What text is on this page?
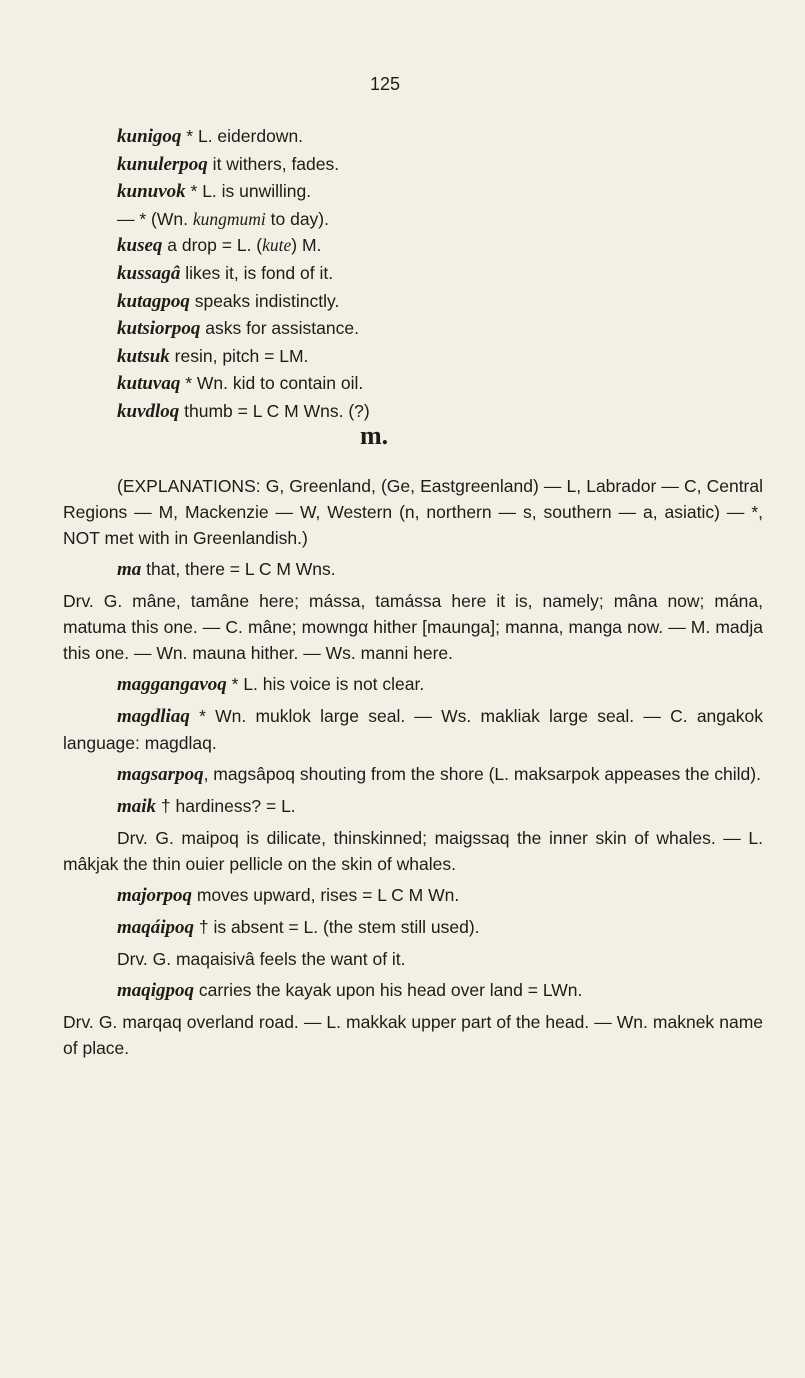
125
kunigoq * L. eiderdown.
kunulerpoq it withers, fades.
kunuvok * L. is unwilling.
— * (Wn. kungmumi to day).
kuseq a drop = L. (kute) M.
kussagâ likes it, is fond of it.
kutagpoq speaks indistinctly.
kutsiorpoq asks for assistance.
kutsuk resin, pitch = LM.
kutuvaq * Wn. kid to contain oil.
kuvdloq thumb = L C M Wns. (?)
m.

(EXPLANATIONS: G, Greenland, (Ge, Eastgreenland) — L, Labrador — C, Central Regions — M, Mackenzie — W, Western (n, northern — s, southern — a, asiatic) — *, NOT met with in Greenlandish.)

ma that, there = L C M Wns.

Drv. G. mâne, tamâne here; mássa, tamássa here it is, namely; mâna now; mána, matuma this one. — C. mâne; mowngα hither [maunga]; manna, manga now. — M. madja this one. — Wn. mauna hither. — Ws. manni here.

maggangavoq * L. his voice is not clear.

magdliaq * Wn. muklok large seal. — Ws. makliak large seal. — C. angakok language: magdlaq.

magsarpoq, magsâpoq shouting from the shore (L. maksarpok appeases the child).

maik † hardiness? = L.

Drv. G. maipoq is dilicate, thinskinned; maigssaq the inner skin of whales. — L. mâkjak the thin ouier pellicle on the skin of whales.

majorpoq moves upward, rises = L C M Wn.

maqáipoq † is absent = L. (the stem still used).

Drv. G. maqaisivâ feels the want of it.

maqigpoq carries the kayak upon his head over land = LWn.

Drv. G. marqaq overland road. — L. makkak upper part of the head. — Wn. maknek name of place.
